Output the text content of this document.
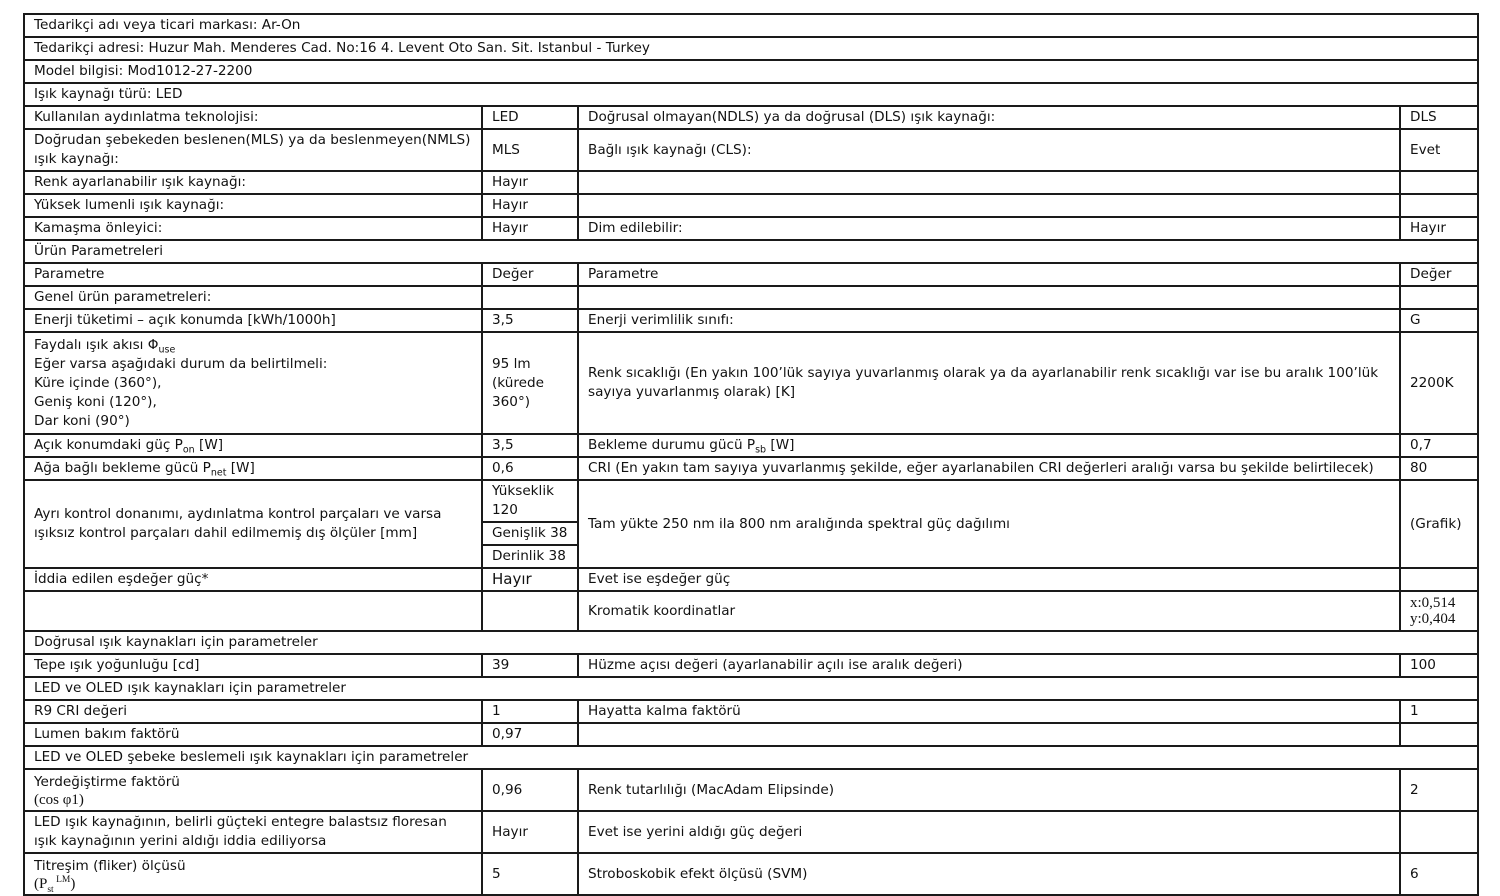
Tedarikçi adı veya ticari markası: Ar-On			
Tedarikçi adresi: Huzur Mah. Menderes Cad. No:16 4. Levent Oto San. Sit. Istanbul - Turkey			
Model bilgisi: Mod1012-27-2200			
Işık kaynağı türü: LED			
Kullanılan aydınlatma teknolojisi:	LED	Doğrusal olmayan(NDLS) ya da doğrusal (DLS) ışık kaynağı:	DLS
Doğrudan şebekeden beslenen(MLS) ya da beslenmeyen(NMLS) ışık kaynağı:	MLS	Bağlı ışık kaynağı (CLS):	Evet
Renk ayarlanabilir ışık kaynağı:	Hayır		
Yüksek lumenli ışık kaynağı:	Hayır		
Kamaşma önleyici:	Hayır	Dim edilebilir:	Hayır
Ürün Parametreleri			
Parametre	Değer	Parametre	Değer
Genel ürün parametreleri:			
Enerji tüketimi – açık konumda [kWh/1000h]	3,5	Enerji verimlilik sınıfı:	G

Faydalı ışık akısı $\Phi_{use}$
Eğer varsa aşağıdaki durum da belirtilmeli:
Küre içinde (360°),
Geniş koni (120°),
Dar koni (90°)	95 lm (kürede 360°)	Renk sıcaklığı (En yakın 100’lük sayıya yuvarlanmış olarak ya da ayarlanabilir renk sıcaklığı var ise bu aralık 100’lük sayıya yuvarlanmış olarak) [K]	2200K
Açık konumdaki güç $P_{on}$ [W]	3,5	Bekleme durumu gücü $P_{sb}$ [W]	0,7
Ağa bağlı bekleme gücü $P_{net}$ [W]	0,6	CRI (En yakın tam sayıya yuvarlanmış şekilde, eğer ayarlanabilen CRI değerleri aralığı varsa bu şekilde belirtilecek)	80
Ayrı kontrol donanımı, aydınlatma kontrol parçaları ve varsa ışıksız kontrol parçaları dahil edilmemiş dış ölçüler [mm]	Yükseklik 120	Tam yükte 250 nm ila 800 nm aralığında spektral güç dağılımı	(Grafik)
	Genişlik 38		
	Derinlik 38		
İddia edilen eşdeğer güç*	Hayır	Evet ise eşdeğer güç	
		Kromatik koordinatlar	x:0,514
y:0,404

Doğrusal ışık kaynakları için parametreler			
Tepe ışık yoğunluğu [cd]	39	Hüzme açısı değeri (ayarlanabilir açılı ise aralık değeri)	100
LED ve OLED ışık kaynakları için parametreler			
R9 CRI değeri	1	Hayatta kalma faktörü	1
Lumen bakım faktörü	0,97		
LED ve OLED şebeke beslemeli ışık kaynakları için parametreler			

Yerdeğiştirme faktörü
(cos φ1)	0,96	Renk tutarlılığı (MacAdam Elipsinde)	2
LED ışık kaynağının, belirli güçteki entegre balastsız floresan ışık kaynağının yerini aldığı iddia ediliyorsa	Hayır	Evet ise yerini aldığı güç değeri	

Titreşim (fliker) ölçüsü
($P_{st}$ $^{LM}$)	5	Stroboskobik efekt ölçüsü (SVM)	6
